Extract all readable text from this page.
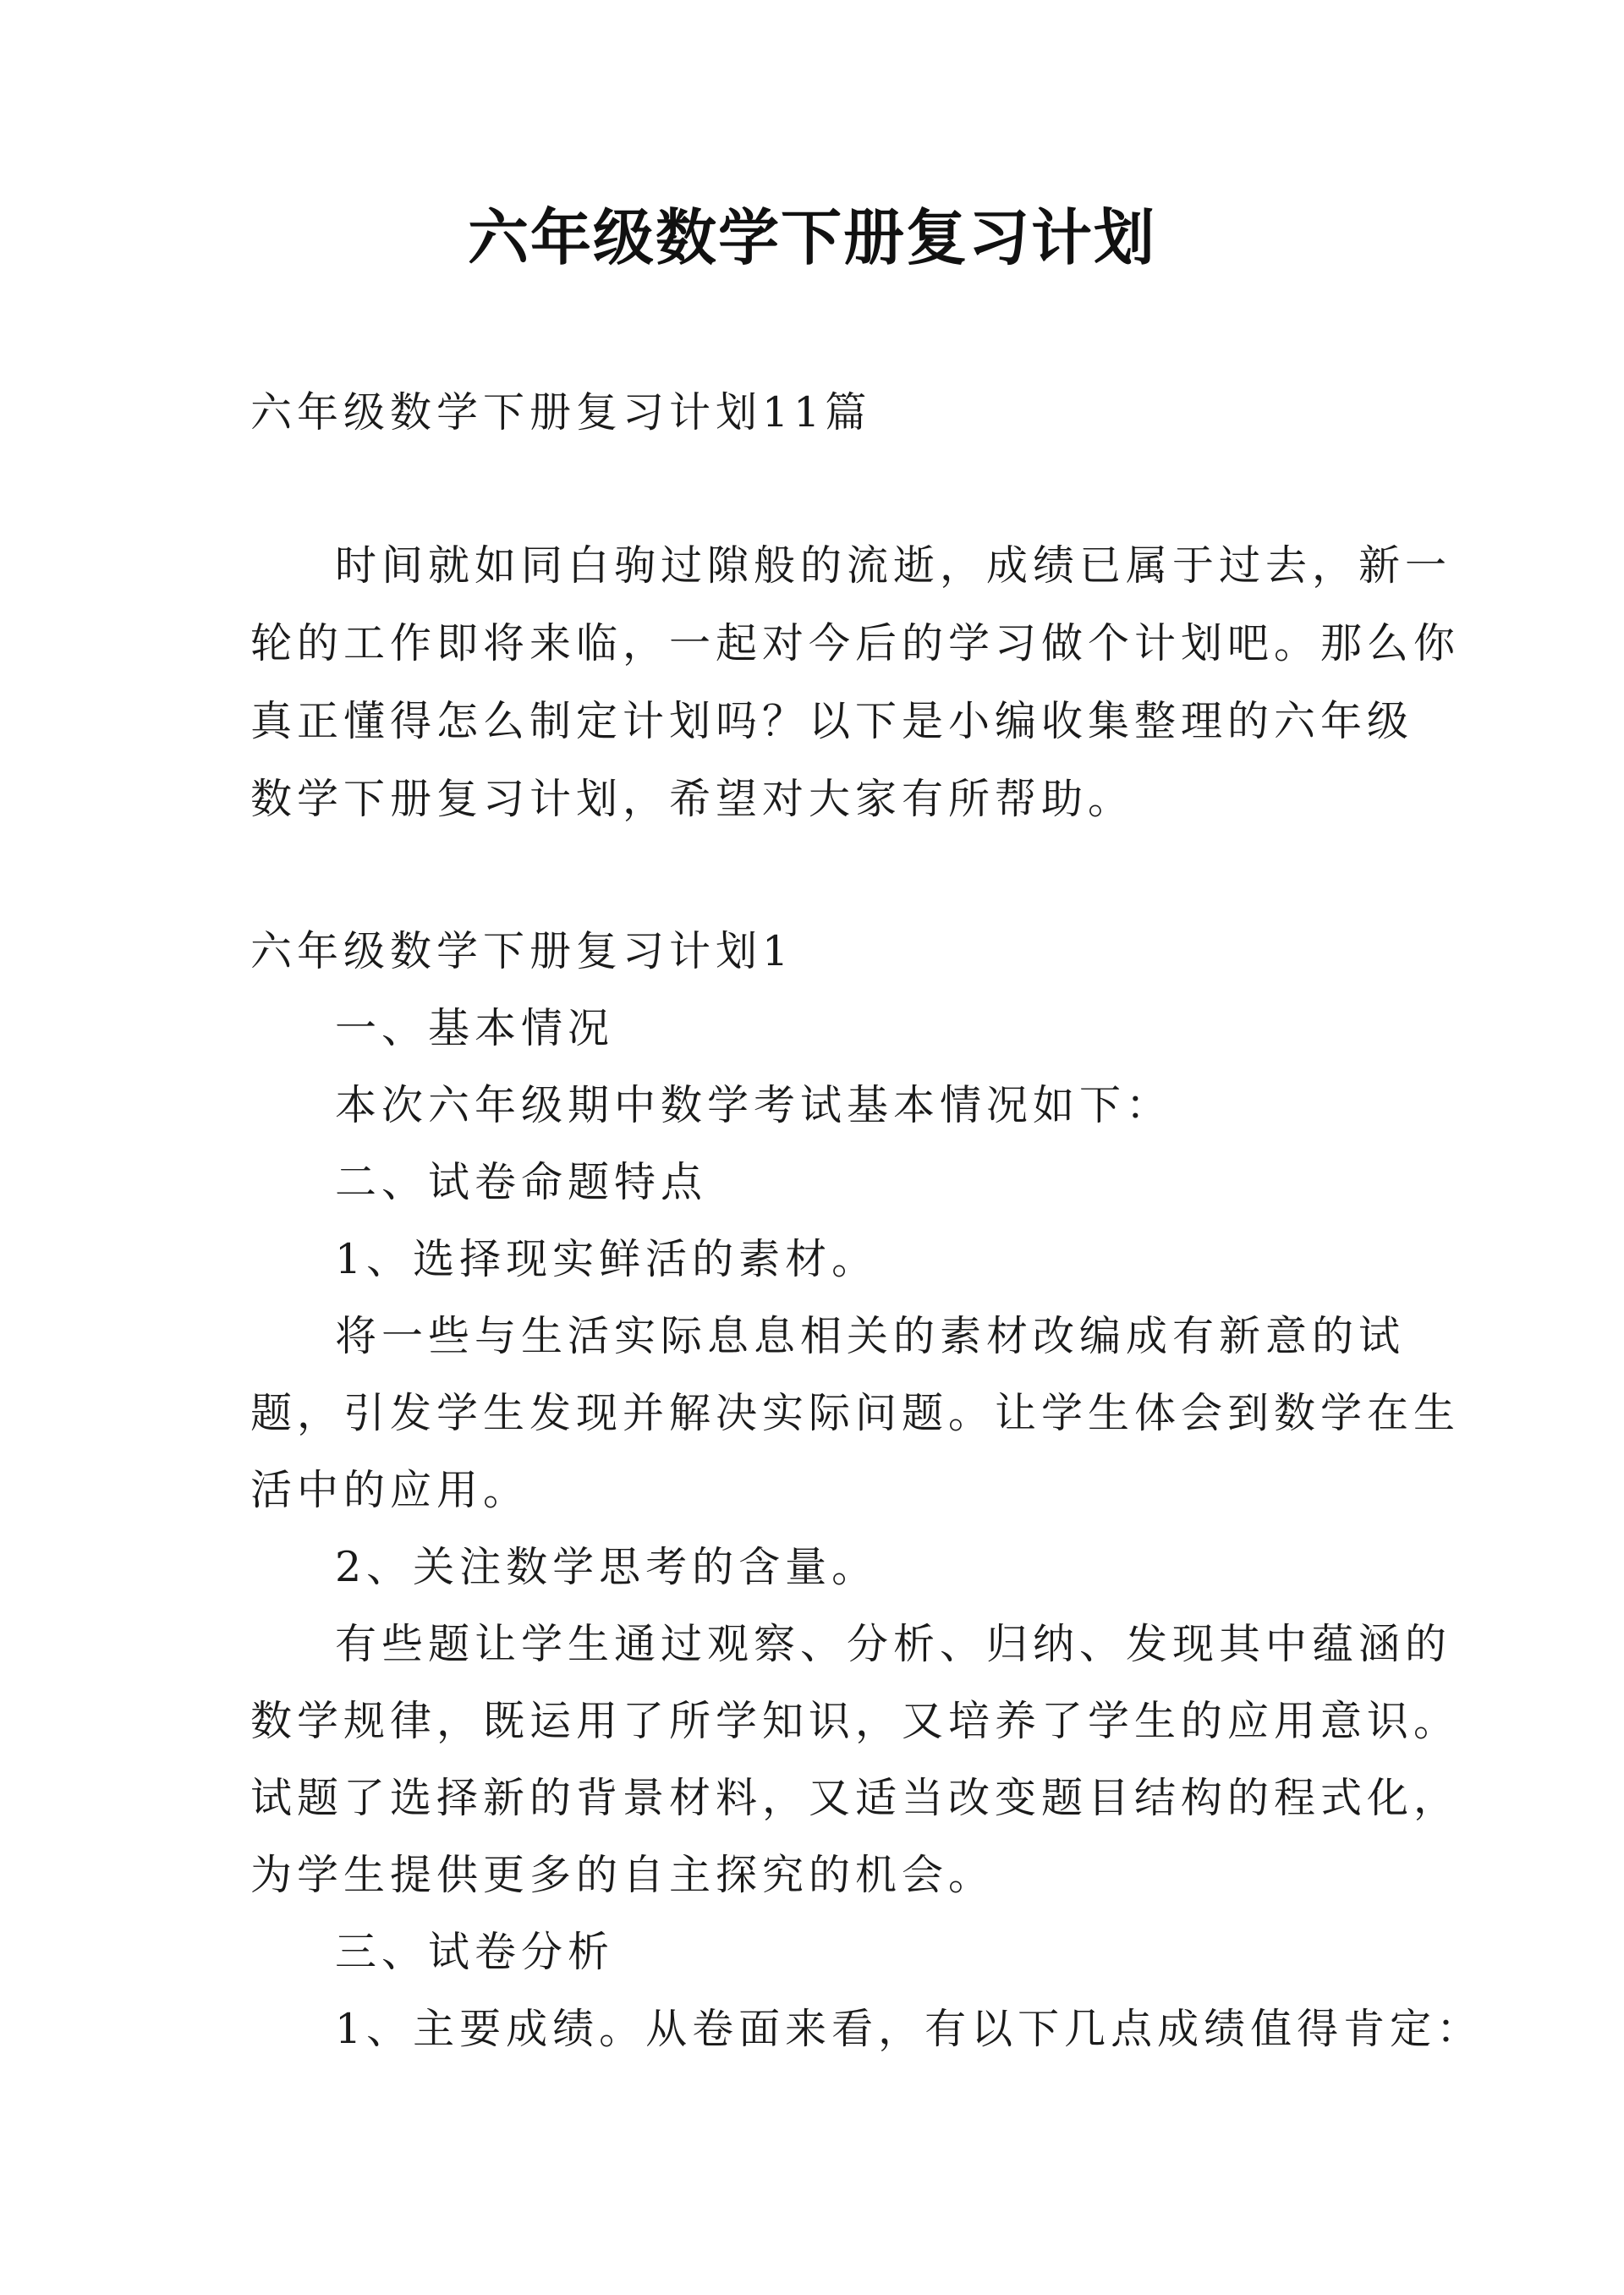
六年级数学下册复习计划
六年级数学下册复习计划11篇
时间就如同白驹过隙般的流逝，成绩已属于过去，新一
轮的工作即将来临，一起对今后的学习做个计划吧。那么你
真正懂得怎么制定计划吗？以下是小编收集整理的六年级
数学下册复习计划，希望对大家有所帮助。
六年级数学下册复习计划1
一、基本情况
本次六年级期中数学考试基本情况如下：
二、试卷命题特点
1、选择现实鲜活的素材。
将一些与生活实际息息相关的素材改编成有新意的试
题，引发学生发现并解决实际问题。让学生体会到数学在生
活中的应用。
2、关注数学思考的含量。
有些题让学生通过观察、分析、归纳、发现其中蕴涵的
数学规律，既运用了所学知识，又培养了学生的应用意识。
试题了选择新的背景材料，又适当改变题目结构的程式化，
为学生提供更多的自主探究的机会。
三、试卷分析
1、主要成绩。从卷面来看，有以下几点成绩值得肯定：
